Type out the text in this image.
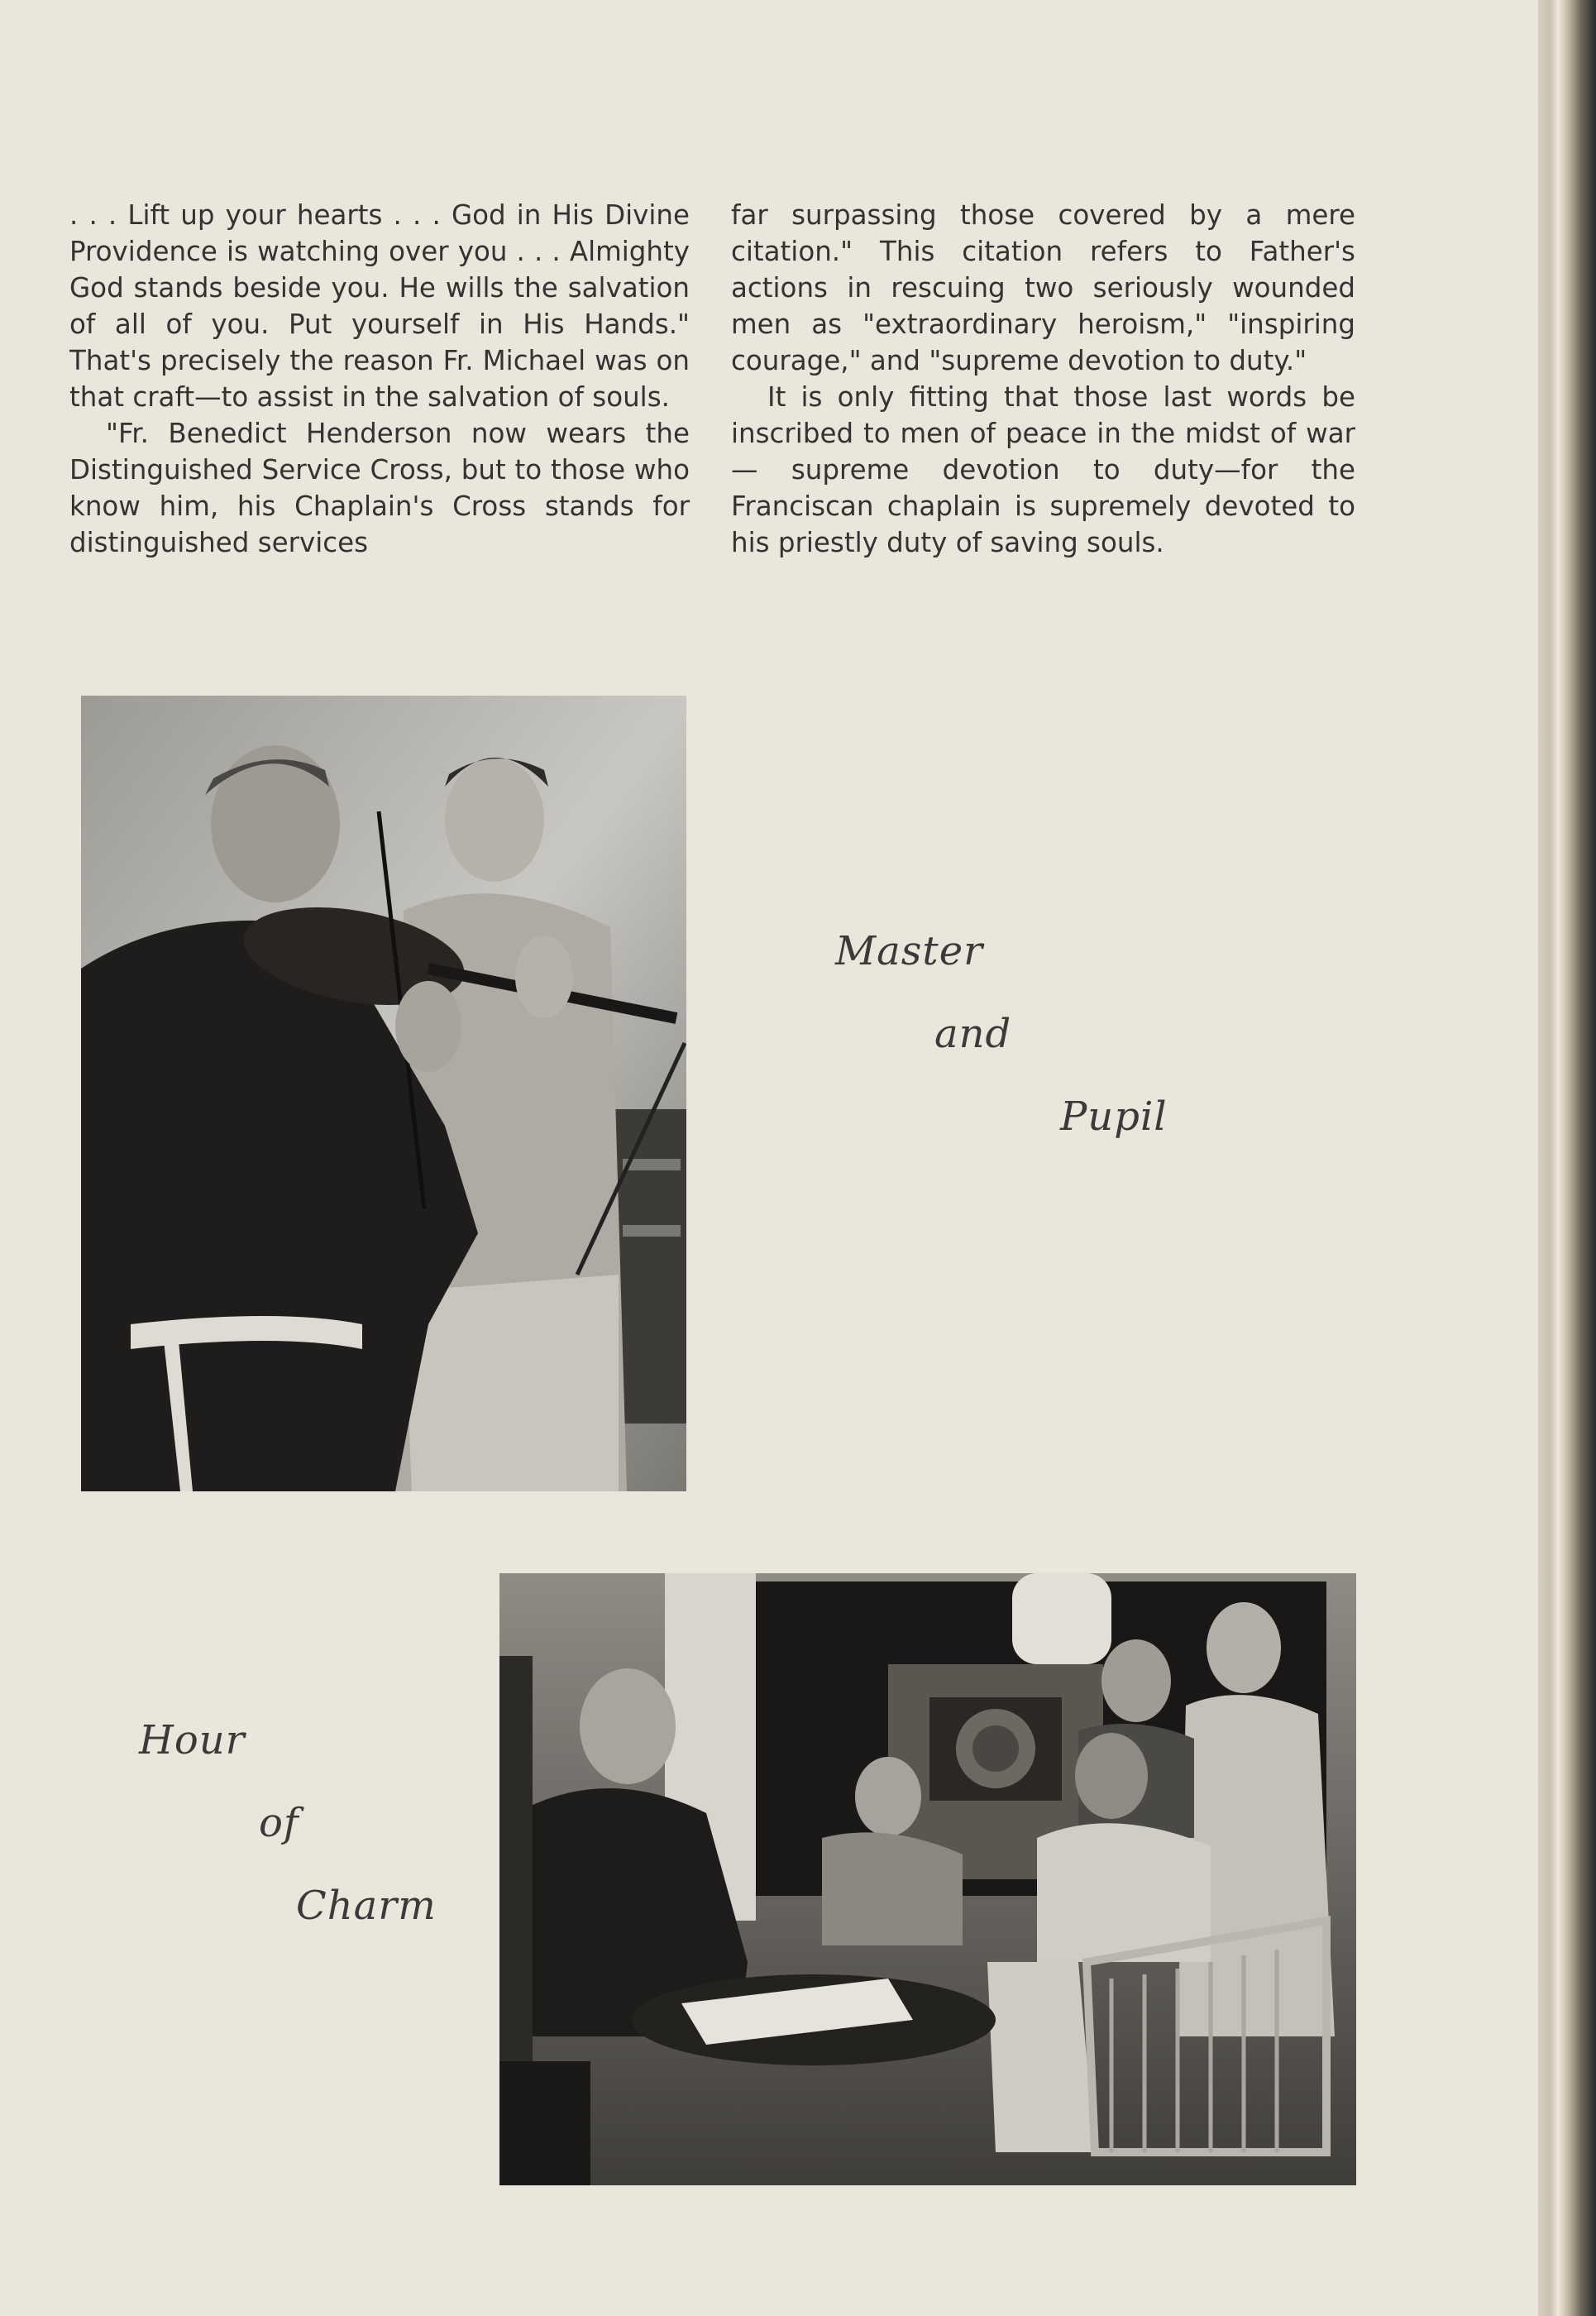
. . . Lift up your hearts . . . God in His Divine Providence is watching over you . . . Almighty God stands beside you. He wills the salvation of all of you. Put yourself in His Hands." That's precisely the reason Fr. Michael was on that craft—to assist in the salvation of souls.

"Fr. Benedict Henderson now wears the Distinguished Service Cross, but to those who know him, his Chaplain's Cross stands for distinguished services

far surpassing those covered by a mere citation." This citation refers to Father's actions in rescuing two seriously wounded men as "extraordinary heroism," "inspiring courage," and "supreme devotion to duty."

It is only fitting that those last words be inscribed to men of peace in the midst of war — supreme devotion to duty—for the Franciscan chaplain is supremely devoted to his priestly duty of saving souls.

Master
and
Pupil
Hour
of
Charm
